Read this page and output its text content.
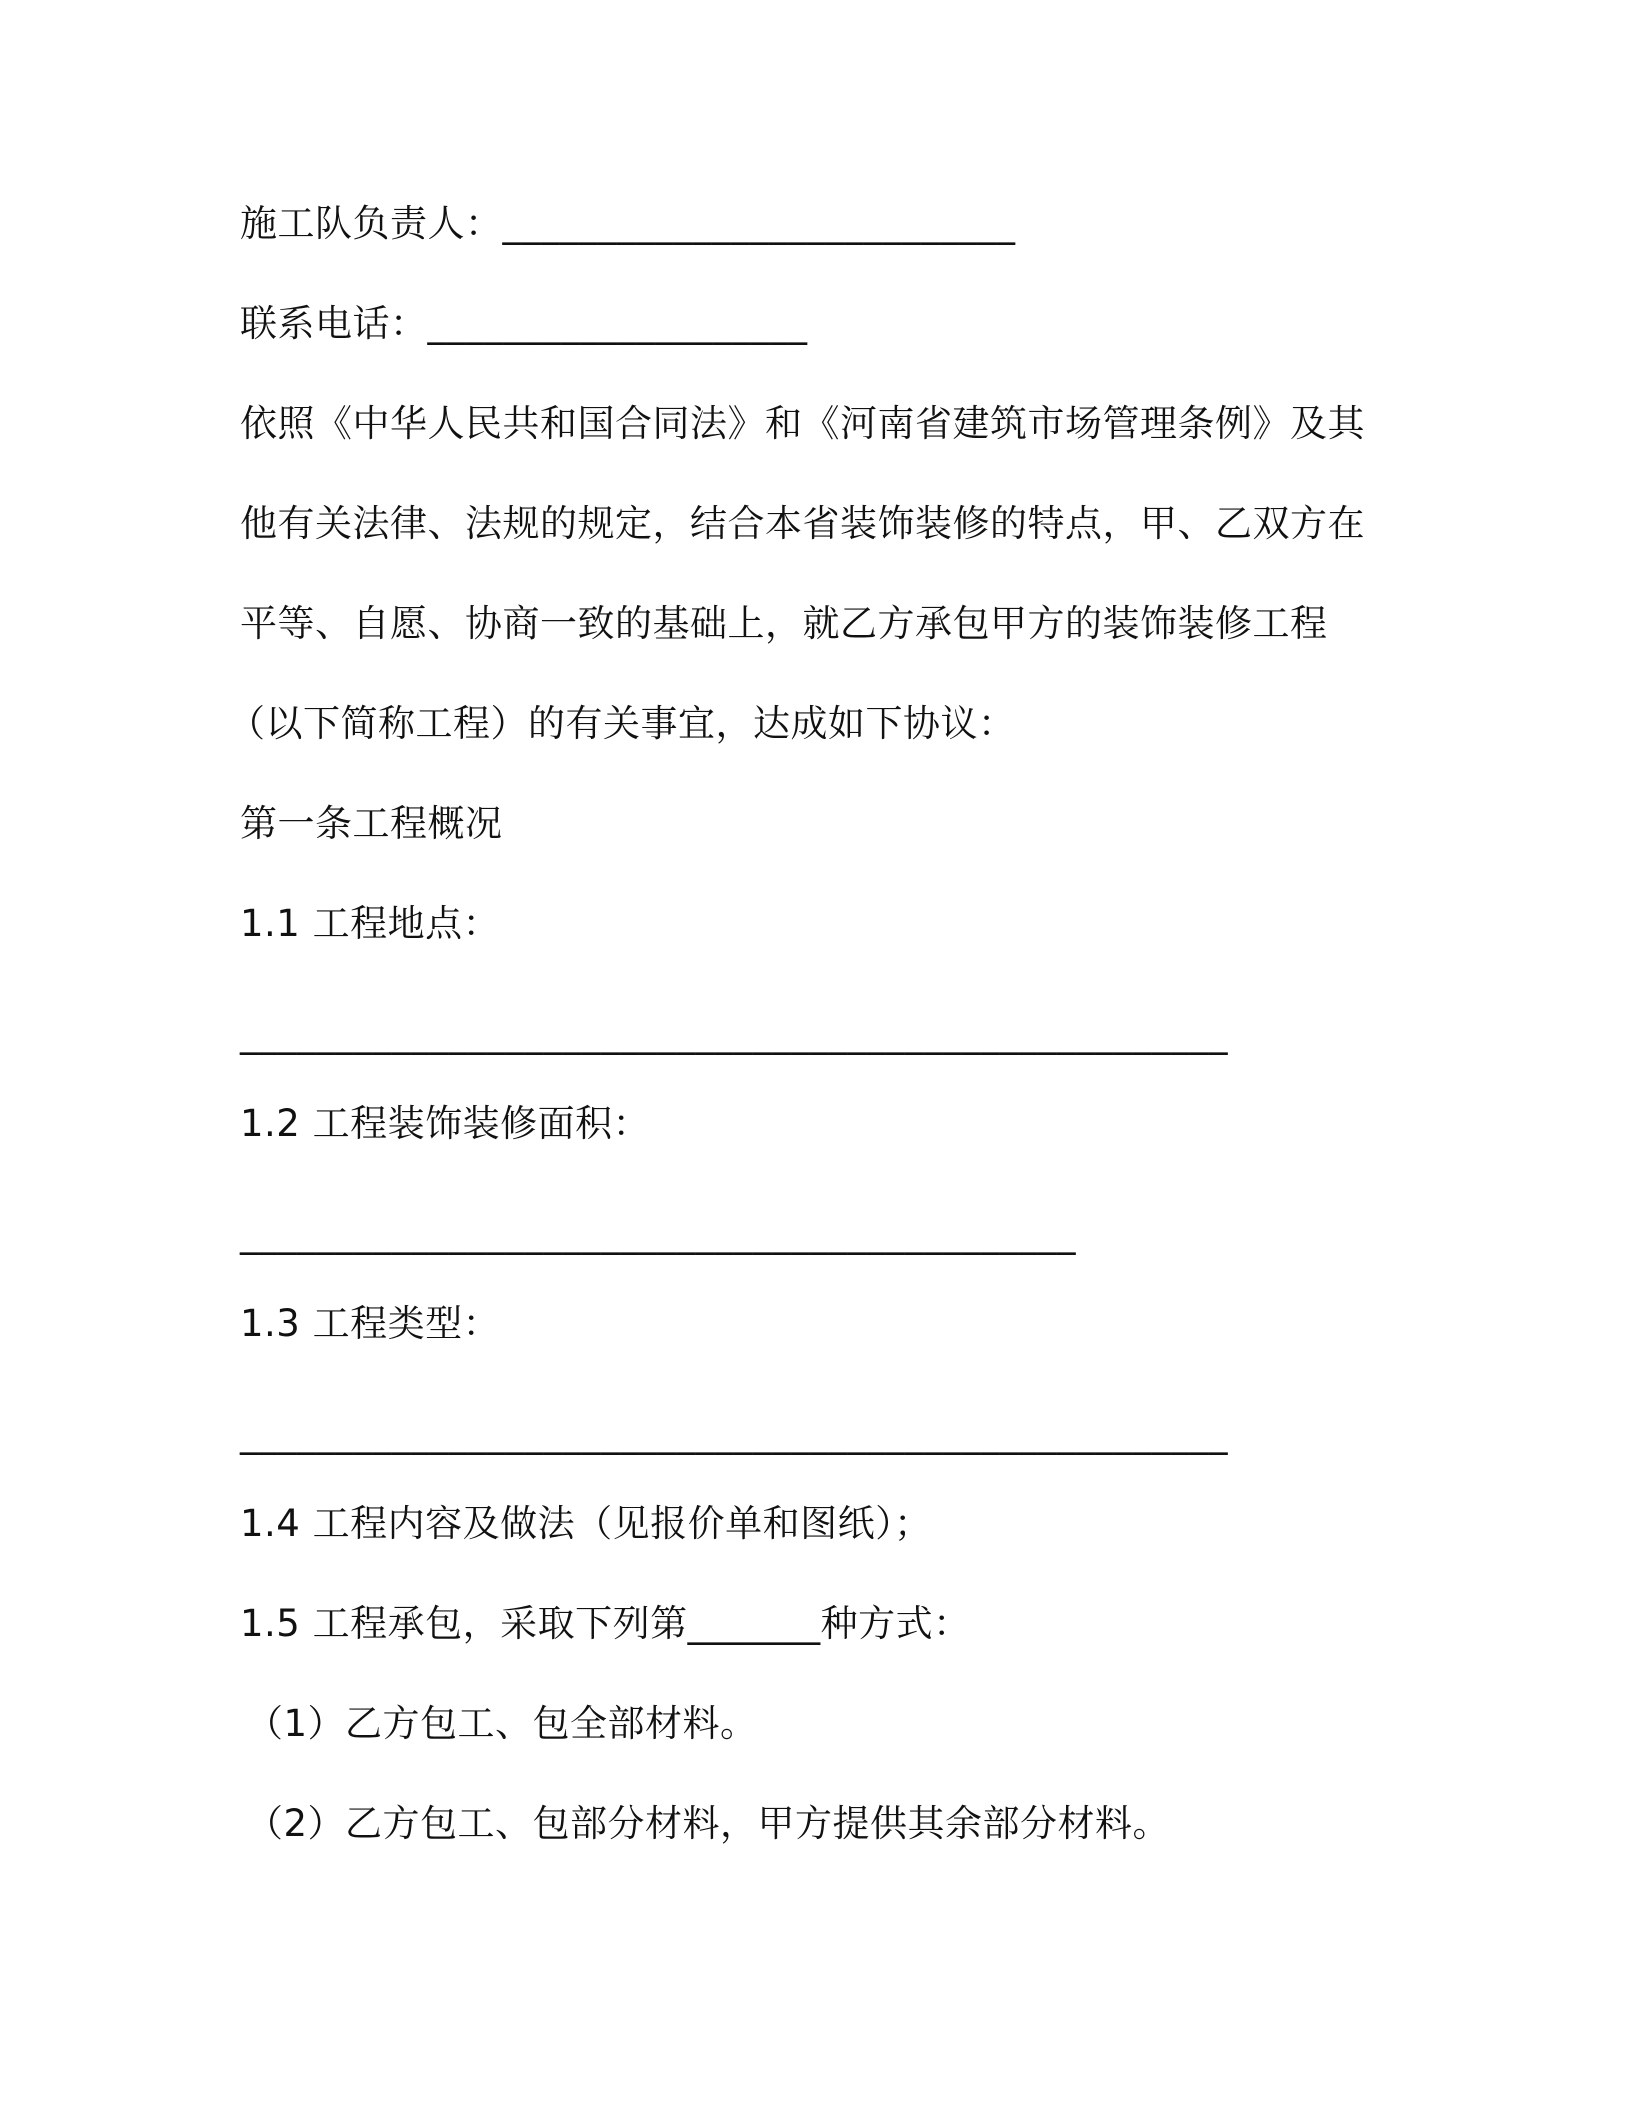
施工队负责人：___________________________

联系电话：____________________

依照《中华人民共和国合同法》和《河南省建筑市场管理条例》及其

他有关法律、法规的规定，结合本省装饰装修的特点，甲、乙双方在

平等、自愿、协商一致的基础上，就乙方承包甲方的装饰装修工程

（以下简称工程）的有关事宜，达成如下协议：

第一条工程概况

1.1 工程地点：

____________________________________________________

1.2 工程装饰装修面积：

____________________________________________

1.3 工程类型：

____________________________________________________

1.4 工程内容及做法（见报价单和图纸）；

1.5 工程承包，采取下列第_______种方式：

（1）乙方包工、包全部材料。

（2）乙方包工、包部分材料，甲方提供其余部分材料。
